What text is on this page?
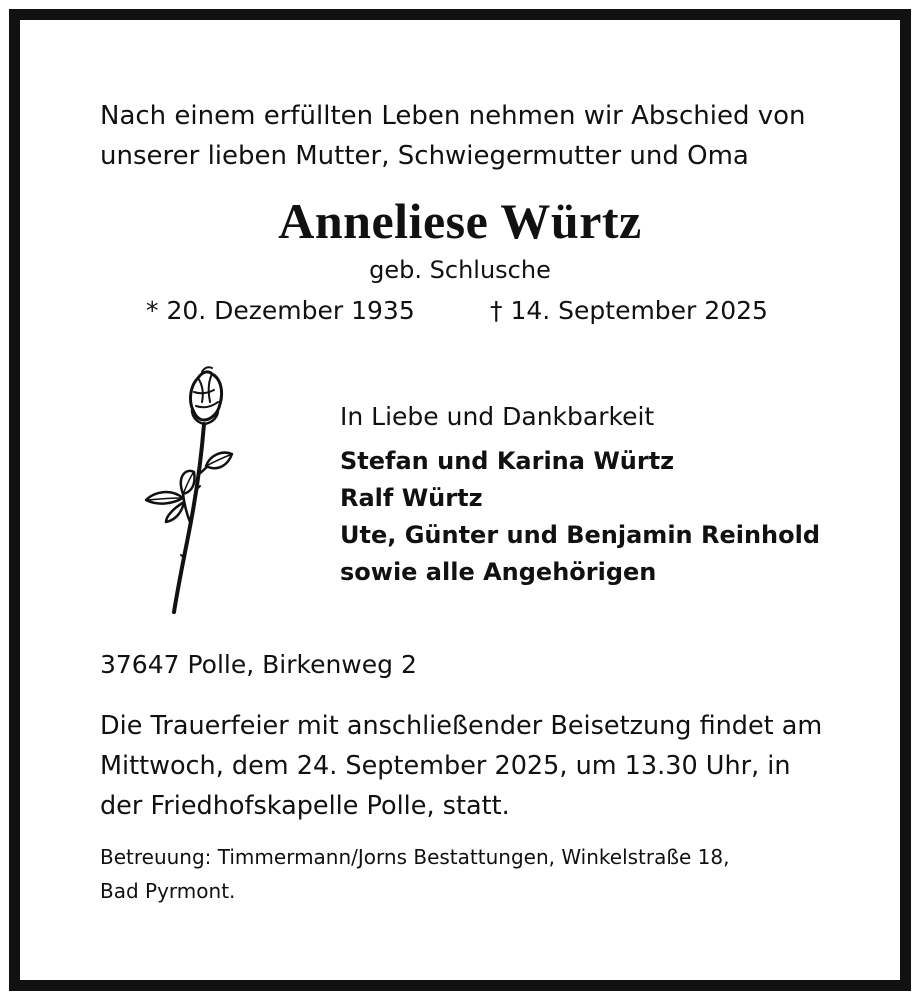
Nach einem erfüllten Leben nehmen wir Abschied von
unserer lieben Mutter, Schwiegermutter und Oma
Anneliese Würtz
geb. Schlusche
* 20. Dezember 1935	† 14. September 2025
In Liebe und Dankbarkeit
Stefan und Karina Würtz
Ralf Würtz
Ute, Günter und Benjamin Reinhold
sowie alle Angehörigen
37647 Polle, Birkenweg 2
Die Trauerfeier mit anschließender Beisetzung findet am
Mittwoch, dem 24. September 2025, um 13.30 Uhr, in
der Friedhofskapelle Polle, statt.
Betreuung: Timmermann/Jorns Bestattungen, Winkelstraße 18,
Bad Pyrmont.
